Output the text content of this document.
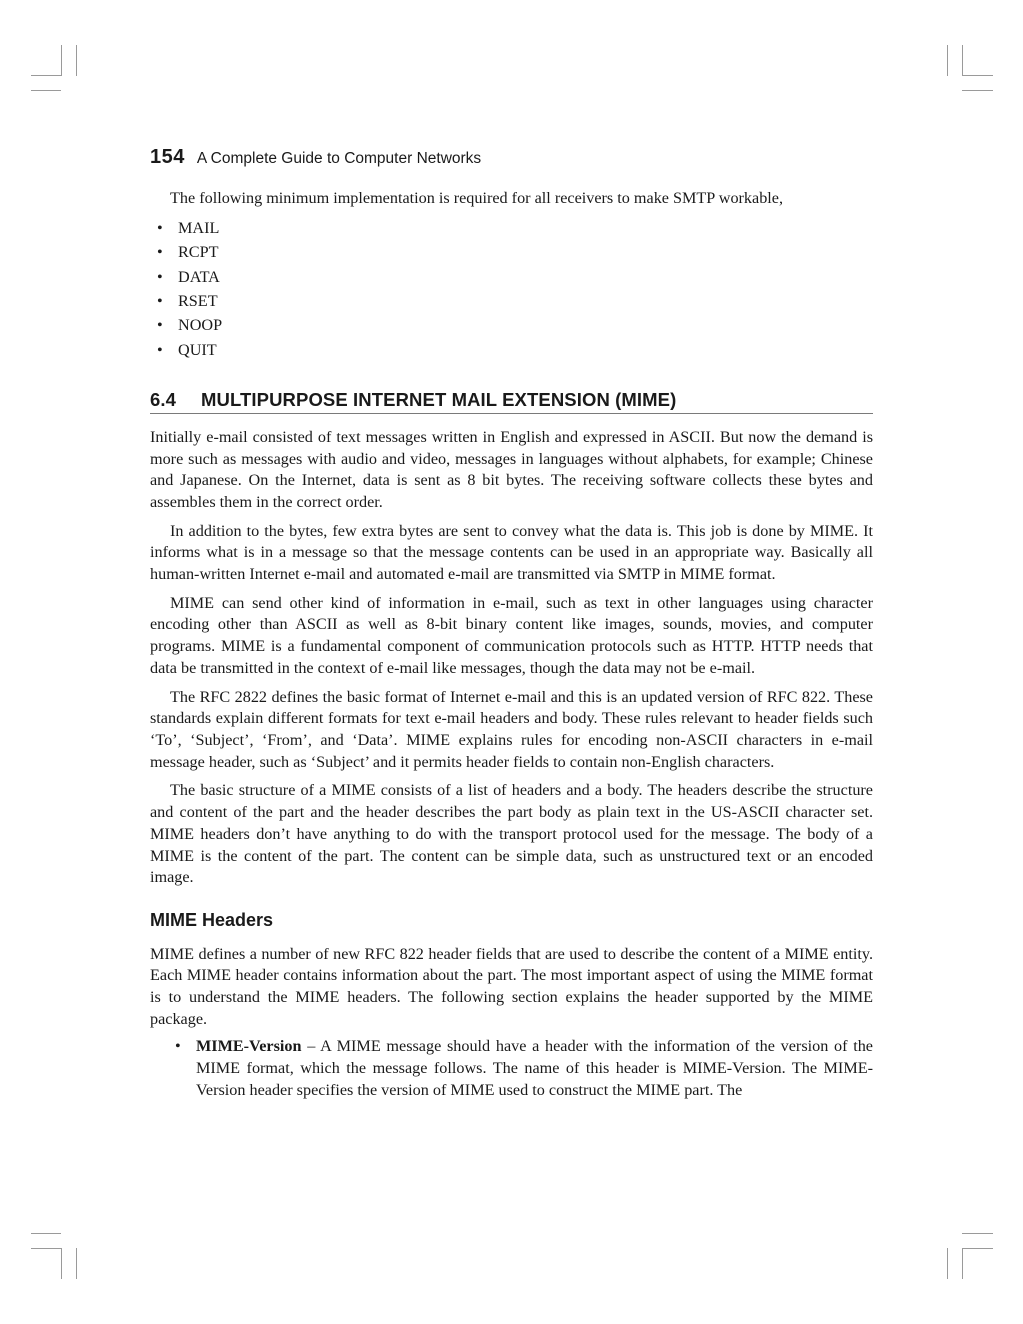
154 A Complete Guide to Computer Networks

The following minimum implementation is required for all receivers to make SMTP workable,

• MAIL
• RCPT
• DATA
• RSET
• NOOP
• QUIT
6.4 MULTIPURPOSE INTERNET MAIL EXTENSION (MIME)

Initially e-mail consisted of text messages written in English and expressed in ASCII. But now the demand is more such as messages with audio and video, messages in languages without alphabets, for example; Chinese and Japanese. On the Internet, data is sent as 8 bit bytes. The receiving software collects these bytes and assembles them in the correct order.

In addition to the bytes, few extra bytes are sent to convey what the data is. This job is done by MIME. It informs what is in a message so that the message contents can be used in an appropriate way. Basically all human-written Internet e-mail and automated e-mail are transmitted via SMTP in MIME format.

MIME can send other kind of information in e-mail, such as text in other languages using character encoding other than ASCII as well as 8-bit binary content like images, sounds, movies, and computer programs. MIME is a fundamental component of communication protocols such as HTTP. HTTP needs that data be transmitted in the context of e-mail like messages, though the data may not be e-mail.

The RFC 2822 defines the basic format of Internet e-mail and this is an updated version of RFC 822. These standards explain different formats for text e-mail headers and body. These rules relevant to header fields such ‘To’, ‘Subject’, ‘From’, and ‘Data’. MIME explains rules for encoding non-ASCII characters in e-mail message header, such as ‘Subject’ and it permits header fields to contain non-English characters.

The basic structure of a MIME consists of a list of headers and a body. The headers describe the structure and content of the part and the header describes the part body as plain text in the US-ASCII character set. MIME headers don’t have anything to do with the transport protocol used for the message. The body of a MIME is the content of the part. The content can be simple data, such as unstructured text or an encoded image.

MIME Headers

MIME defines a number of new RFC 822 header fields that are used to describe the content of a MIME entity. Each MIME header contains information about the part. The most important aspect of using the MIME format is to understand the MIME headers. The following section explains the header supported by the MIME package.

• MIME-Version – A MIME message should have a header with the information of the version of the MIME format, which the message follows. The name of this header is MIME-Version. The MIME-Version header specifies the version of MIME used to construct the MIME part. The
